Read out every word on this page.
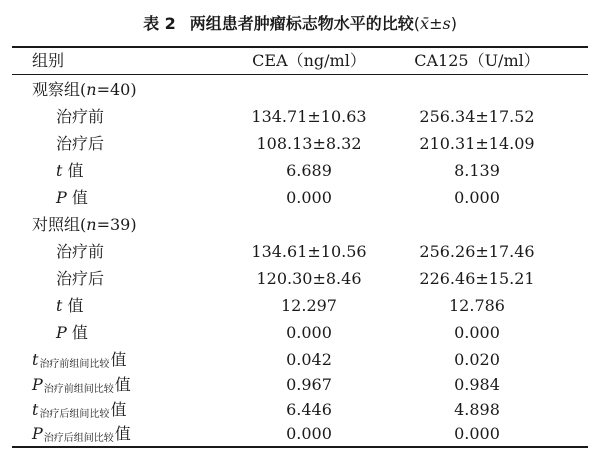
表 2 两组患者肿瘤标志物水平的比较(x̄±s)
组别	CEA（ng/ml）	CA125（U/ml）
观察组(n=40)
治疗前	134.71±10.63	256.34±17.52
治疗后	108.13±8.32	210.31±14.09
t 值	6.689	8.139
P 值	0.000	0.000
对照组(n=39)
治疗前	134.61±10.56	256.26±17.46
治疗后	120.30±8.46	226.46±15.21
t 值	12.297	12.786
P 值	0.000	0.000
$t_{治疗前组间比较}$值	0.042	0.020
$P_{治疗前组间比较}$值	0.967	0.984
$t_{治疗后组间比较}$值	6.446	4.898
$P_{治疗后组间比较}$值	0.000	0.000
